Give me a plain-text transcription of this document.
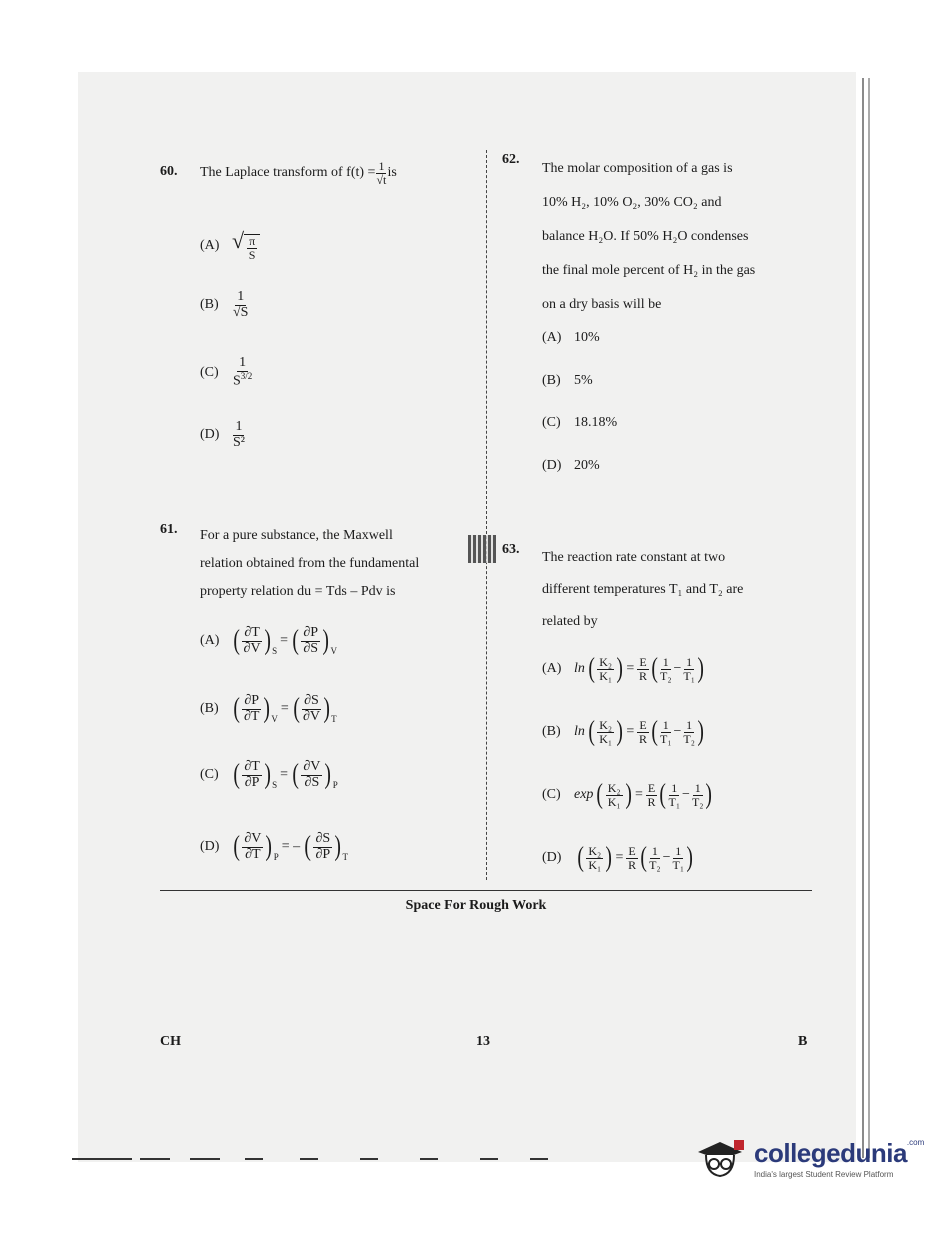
60. The Laplace transform of $f(t) = \frac{1}{√t}$ is
(A) √ $\frac{\pi}{S}$
(B)	$\frac{1}{√S}$
(C)	$\frac{1}{S^{3/2}}$
$(D) \frac{1}{\text{S²}}$
61. For a pure substance, the Maxwell
relation obtained from the fundamental
property relation du = Tds – Pdv is
(A) ( $\frac{\partial T}{\partial V} )_S$
= ( $\frac{\partial P}{\partial S} )_V$
(B) ( $\frac{\partial P}{\partial T} )_V$
= ( $\frac{\partial S}{\partial V} )_T$
(C) ( $\frac{\partial T}{\partial P} )_S$
= ( $\frac{\partial V}{\partial S} )_P$
(D) ( $\frac{\partial V}{\partial T} )_P$
= – ( $\frac{\partial S}{\partial P} )_T$
62.
The molar composition of a gas is
10% H₂, 10% O₂, 30% CO₂ and
balance H₂O. If 50% H₂O condenses
the final mole percent of H₂ in the gas
on a dry basis will be
(A) 10%
(B) 5%
(C) 18.18%
(D) 20%
63.
The reaction rate constant at two
different temperatures T₁ and T₂ are
related by
(A) ln ( $\frac{\text{K₂}}{\text{K₁}}$ ) = $\frac{E}{R}$ ( $\frac{1}{\text{T₂}} - \frac{1}{\text{T₁}}$ )
(B) ln ( $\frac{\text{K₂}}{\text{K₁}}$ ) = $\frac{E}{R}$ ( $\frac{1}{\text{T₁}} - \frac{1}{\text{T₂}}$ )
(C) exp ( $\frac{\text{K₂}}{\text{K₁}}$ ) = $\frac{E}{R}$ ( $\frac{1}{\text{T₁}} - \frac{1}{\text{T₂}}$ )
(D) ( $\frac{\text{K₂}}{\text{K₁}}$ ) = $\frac{E}{R}$ ( $\frac{1}{\text{T₂}} - \frac{1}{\text{T₁}}$ )
Space For Rough Work
CH	13	B
collegedunia$^{.com}$
India's largest Student Review Platform
